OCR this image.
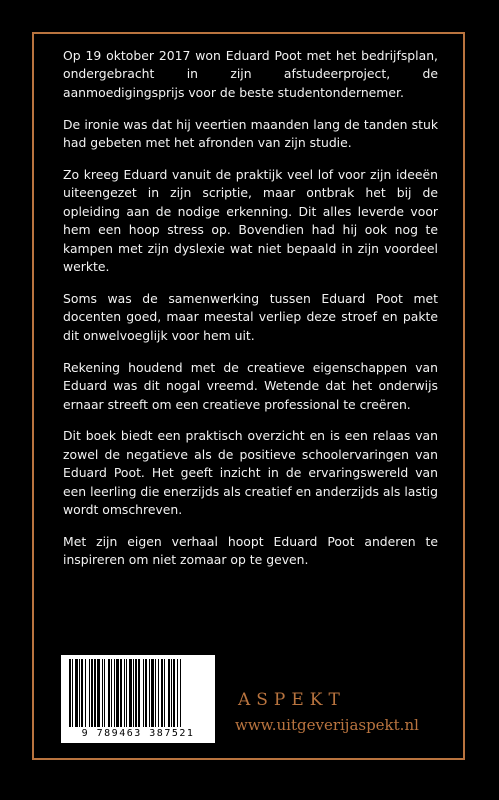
Op 19 oktober 2017 won Eduard Poot met het bedrijfsplan, ondergebracht in zijn afstudeerproject, de aanmoedigingsprijs voor de beste studentondernemer.

De ironie was dat hij veertien maanden lang de tanden stuk had gebeten met het afronden van zijn studie.

Zo kreeg Eduard vanuit de praktijk veel lof voor zijn ideeën uiteengezet in zijn scriptie, maar ontbrak het bij de opleiding aan de nodige erkenning. Dit alles leverde voor hem een hoop stress op. Bovendien had hij ook nog te kampen met zijn dyslexie wat niet bepaald in zijn voordeel werkte.

Soms was de samenwerking tussen Eduard Poot met docenten goed, maar meestal verliep deze stroef en pakte dit onwelvoeglijk voor hem uit.

Rekening houdend met de creatieve eigenschappen van Eduard was dit nogal vreemd. Wetende dat het onderwijs ernaar streeft om een creatieve professional te creëren.

Dit boek biedt een praktisch overzicht en is een relaas van zowel de negatieve als de positieve schoolervaringen van Eduard Poot. Het geeft inzicht in de ervaringswereld van een leerling die enerzijds als creatief en anderzijds als lastig wordt omschreven.

Met zijn eigen verhaal hoopt Eduard Poot anderen te inspireren om niet zomaar op te geven.

9 789463 387521
ASPEKT
www.uitgeverijaspekt.nl
